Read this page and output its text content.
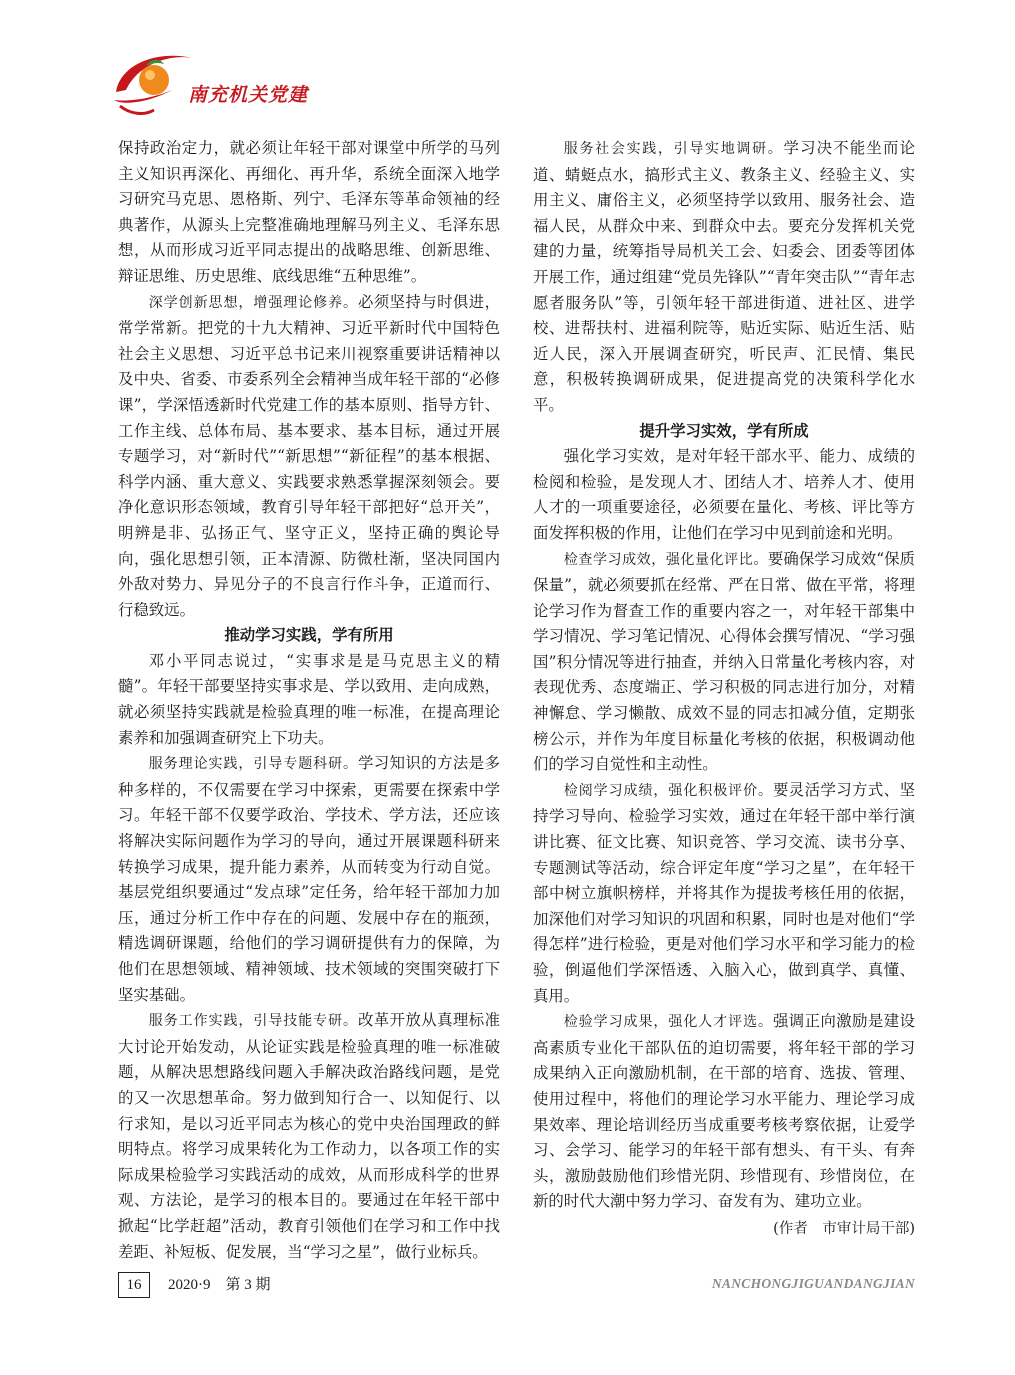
南充机关党建

保持政治定力，就必须让年轻干部对课堂中所学的马列主义知识再深化、再细化、再升华，系统全面深入地学习研究马克思、恩格斯、列宁、毛泽东等革命领袖的经典著作，从源头上完整准确地理解马列主义、毛泽东思想，从而形成习近平同志提出的战略思维、创新思维、辩证思维、历史思维、底线思维“五种思维”。

深学创新思想，增强理论修养。必须坚持与时俱进，常学常新。把党的十九大精神、习近平新时代中国特色社会主义思想、习近平总书记来川视察重要讲话精神以及中央、省委、市委系列全会精神当成年轻干部的“必修课”，学深悟透新时代党建工作的基本原则、指导方针、工作主线、总体布局、基本要求、基本目标，通过开展专题学习，对“新时代”“新思想”“新征程”的基本根据、科学内涵、重大意义、实践要求熟悉掌握深刻领会。要净化意识形态领域，教育引导年轻干部把好“总开关”，明辨是非、弘扬正气、坚守正义，坚持正确的舆论导向，强化思想引领，正本清源、防微杜渐，坚决同国内外敌对势力、异见分子的不良言行作斗争，正道而行、行稳致远。

推动学习实践，学有所用

邓小平同志说过，“实事求是是马克思主义的精髓”。年轻干部要坚持实事求是、学以致用、走向成熟，就必须坚持实践就是检验真理的唯一标准，在提高理论素养和加强调查研究上下功夫。

服务理论实践，引导专题科研。学习知识的方法是多种多样的，不仅需要在学习中探索，更需要在探索中学习。年轻干部不仅要学政治、学技术、学方法，还应该将解决实际问题作为学习的导向，通过开展课题科研来转换学习成果，提升能力素养，从而转变为行动自觉。基层党组织要通过“发点球”定任务，给年轻干部加力加压，通过分析工作中存在的问题、发展中存在的瓶颈，精选调研课题，给他们的学习调研提供有力的保障，为他们在思想领域、精神领域、技术领域的突围突破打下坚实基础。

服务工作实践，引导技能专研。改革开放从真理标准大讨论开始发动，从论证实践是检验真理的唯一标准破题，从解决思想路线问题入手解决政治路线问题，是党的又一次思想革命。努力做到知行合一、以知促行、以行求知，是以习近平同志为核心的党中央治国理政的鲜明特点。将学习成果转化为工作动力，以各项工作的实际成果检验学习实践活动的成效，从而形成科学的世界观、方法论，是学习的根本目的。要通过在年轻干部中掀起“比学赶超”活动，教育引领他们在学习和工作中找差距、补短板、促发展，当“学习之星”，做行业标兵。

服务社会实践，引导实地调研。学习决不能坐而论道、蜻蜓点水，搞形式主义、教条主义、经验主义、实用主义、庸俗主义，必须坚持学以致用、服务社会、造福人民，从群众中来、到群众中去。要充分发挥机关党建的力量，统筹指导局机关工会、妇委会、团委等团体开展工作，通过组建“党员先锋队”“青年突击队”“青年志愿者服务队”等，引领年轻干部进街道、进社区、进学校、进帮扶村、进福利院等，贴近实际、贴近生活、贴近人民，深入开展调查研究，听民声、汇民情、集民意，积极转换调研成果，促进提高党的决策科学化水平。

提升学习实效，学有所成

强化学习实效，是对年轻干部水平、能力、成绩的检阅和检验，是发现人才、团结人才、培养人才、使用人才的一项重要途径，必须要在量化、考核、评比等方面发挥积极的作用，让他们在学习中见到前途和光明。

检查学习成效，强化量化评比。要确保学习成效“保质保量”，就必须要抓在经常、严在日常、做在平常，将理论学习作为督查工作的重要内容之一，对年轻干部集中学习情况、学习笔记情况、心得体会撰写情况、“学习强国”积分情况等进行抽查，并纳入日常量化考核内容，对表现优秀、态度端正、学习积极的同志进行加分，对精神懈怠、学习懒散、成效不显的同志扣减分值，定期张榜公示，并作为年度目标量化考核的依据，积极调动他们的学习自觉性和主动性。

检阅学习成绩，强化积极评价。要灵活学习方式、坚持学习导向、检验学习实效，通过在年轻干部中举行演讲比赛、征文比赛、知识竞答、学习交流、读书分享、专题测试等活动，综合评定年度“学习之星”，在年轻干部中树立旗帜榜样，并将其作为提拔考核任用的依据，加深他们对学习知识的巩固和积累，同时也是对他们“学得怎样”进行检验，更是对他们学习水平和学习能力的检验，倒逼他们学深悟透、入脑入心，做到真学、真懂、真用。

检验学习成果，强化人才评选。强调正向激励是建设高素质专业化干部队伍的迫切需要，将年轻干部的学习成果纳入正向激励机制，在干部的培育、选拔、管理、使用过程中，将他们的理论学习水平能力、理论学习成果效率、理论培训经历当成重要考核考察依据，让爱学习、会学习、能学习的年轻干部有想头、有干头、有奔头，激励鼓励他们珍惜光阴、珍惜现有、珍惜岗位，在新的时代大潮中努力学习、奋发有为、建功立业。

(作者　市审计局干部)

16	2020·9　第 3 期	NANCHONGJIGUANDANGJIAN
